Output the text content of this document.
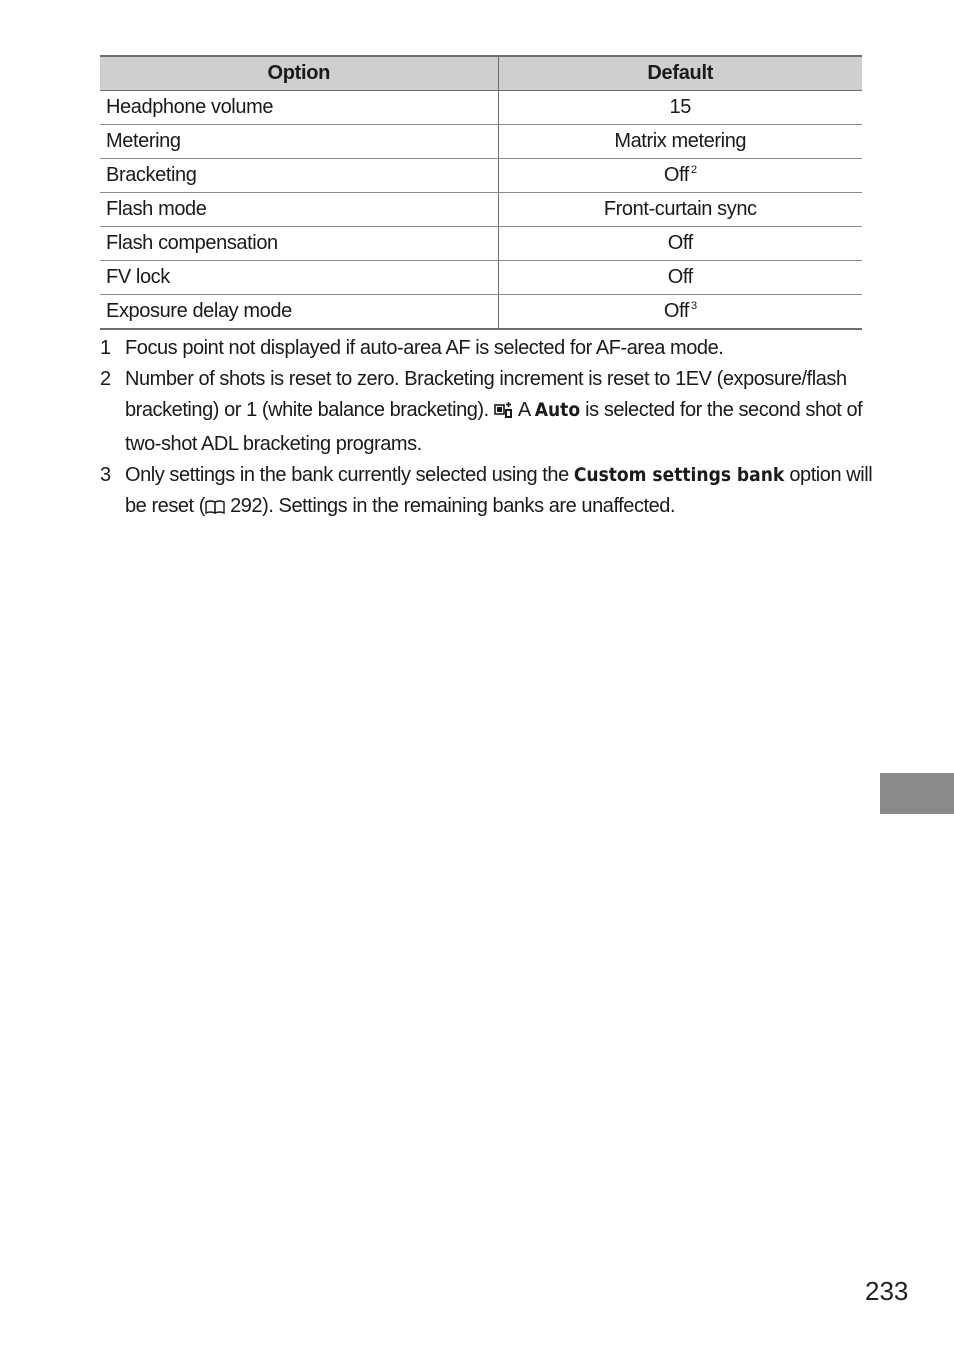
Option	Default
Headphone volume	15
Metering	Matrix metering
Bracketing	Off $^2$
Flash mode	Front-curtain sync
Flash compensation	Off
FV lock	Off
Exposure delay mode	Off $^3$
1 Focus point not displayed if auto-area AF is selected for AF-area mode.
2 Number of shots is reset to zero. Bracketing increment is reset to 1EV (exposure/flash bracketing) or 1 (white balance bracketing).  A Auto is selected for the second shot of two-shot ADL bracketing programs.
3 Only settings in the bank currently selected using the Custom settings bank option will be reset ( 292). Settings in the remaining banks are unaffected.
233
